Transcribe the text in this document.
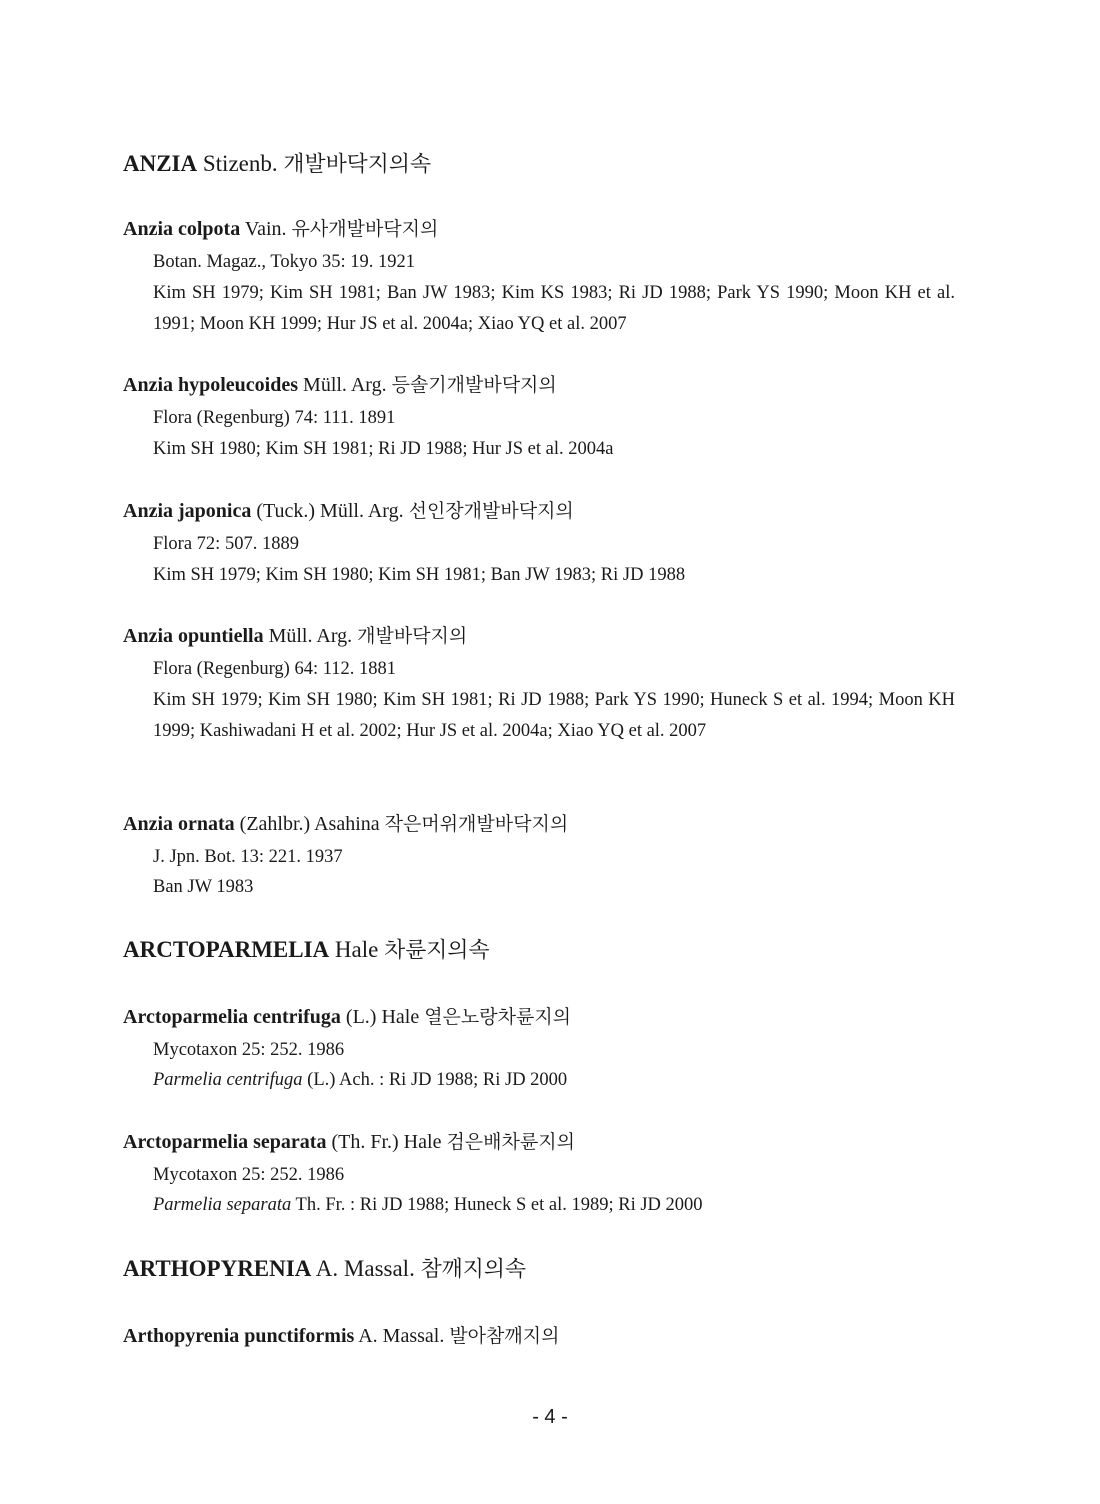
ANZIA Stizenb. 개발바닥지의속
Anzia colpota Vain. 유사개발바닥지의
Botan. Magaz., Tokyo 35: 19. 1921
Kim SH 1979; Kim SH 1981; Ban JW 1983; Kim KS 1983; Ri JD 1988; Park YS 1990; Moon KH et al. 1991; Moon KH 1999; Hur JS et al. 2004a; Xiao YQ et al. 2007
Anzia hypoleucoides Müll. Arg. 등솔기개발바닥지의
Flora (Regenburg) 74: 111. 1891
Kim SH 1980; Kim SH 1981; Ri JD 1988; Hur JS et al. 2004a
Anzia japonica (Tuck.) Müll. Arg. 선인장개발바닥지의
Flora 72: 507. 1889
Kim SH 1979; Kim SH 1980; Kim SH 1981; Ban JW 1983; Ri JD 1988
Anzia opuntiella Müll. Arg. 개발바닥지의
Flora (Regenburg) 64: 112. 1881
Kim SH 1979; Kim SH 1980; Kim SH 1981; Ri JD 1988; Park YS 1990; Huneck S et al. 1994; Moon KH 1999; Kashiwadani H et al. 2002; Hur JS et al. 2004a; Xiao YQ et al. 2007
Anzia ornata (Zahlbr.) Asahina 작은머위개발바닥지의
J. Jpn. Bot. 13: 221. 1937
Ban JW 1983
ARCTOPARMELIA Hale 차륜지의속
Arctoparmelia centrifuga (L.) Hale 열은노랑차륜지의
Mycotaxon 25: 252. 1986
Parmelia centrifuga (L.) Ach. : Ri JD 1988; Ri JD 2000
Arctoparmelia separata (Th. Fr.) Hale 검은배차륜지의
Mycotaxon 25: 252. 1986
Parmelia separata Th. Fr. : Ri JD 1988; Huneck S et al. 1989; Ri JD 2000
ARTHOPYRENIA A. Massal. 참깨지의속
Arthopyrenia punctiformis A. Massal. 발아참깨지의
- 4 -
